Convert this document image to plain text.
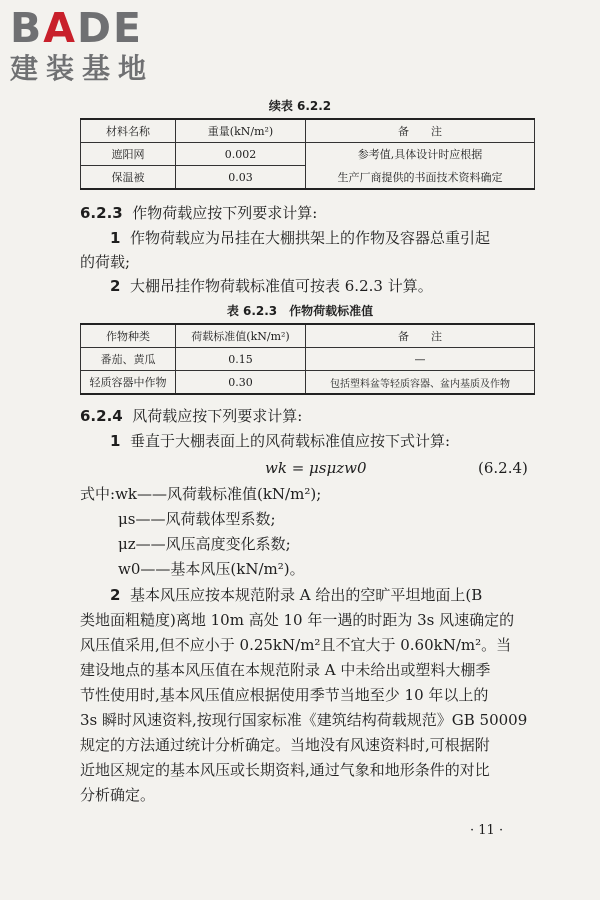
BADE
建装基地
续表 6.2.2
材料名称	重量(kN/m²)	备　　注
遮阳网	0.002	参考值,具体设计时应根据
保温被	0.03	生产厂商提供的书面技术资料确定
6.2.3 作物荷载应按下列要求计算:
1 作物荷载应为吊挂在大棚拱架上的作物及容器总重引起
的荷载;
2 大棚吊挂作物荷载标准值可按表 6.2.3 计算。
表 6.2.3　作物荷载标准值
作物种类	荷载标准值(kN/m²)	备　　注
番茄、黄瓜	0.15	—
轻质容器中作物	0.30	包括塑料盆等轻质容器、盆内基质及作物
6.2.4 风荷载应按下列要求计算:
1 垂直于大棚表面上的风荷载标准值应按下式计算:
wk = μsμzw0	(6.2.4)
式中:wk——风荷载标准值(kN/m²);
μs——风荷载体型系数;
μz——风压高度变化系数;
w0——基本风压(kN/m²)。
2 基本风压应按本规范附录 A 给出的空旷平坦地面上(B
类地面粗糙度)离地 10m 高处 10 年一遇的时距为 3s 风速确定的
风压值采用,但不应小于 0.25kN/m²且不宜大于 0.60kN/m²。当
建设地点的基本风压值在本规范附录 A 中未给出或塑料大棚季
节性使用时,基本风压值应根据使用季节当地至少 10 年以上的
3s 瞬时风速资料,按现行国家标准《建筑结构荷载规范》GB 50009
规定的方法通过统计分析确定。当地没有风速资料时,可根据附
近地区规定的基本风压或长期资料,通过气象和地形条件的对比
分析确定。
· 11 ·
